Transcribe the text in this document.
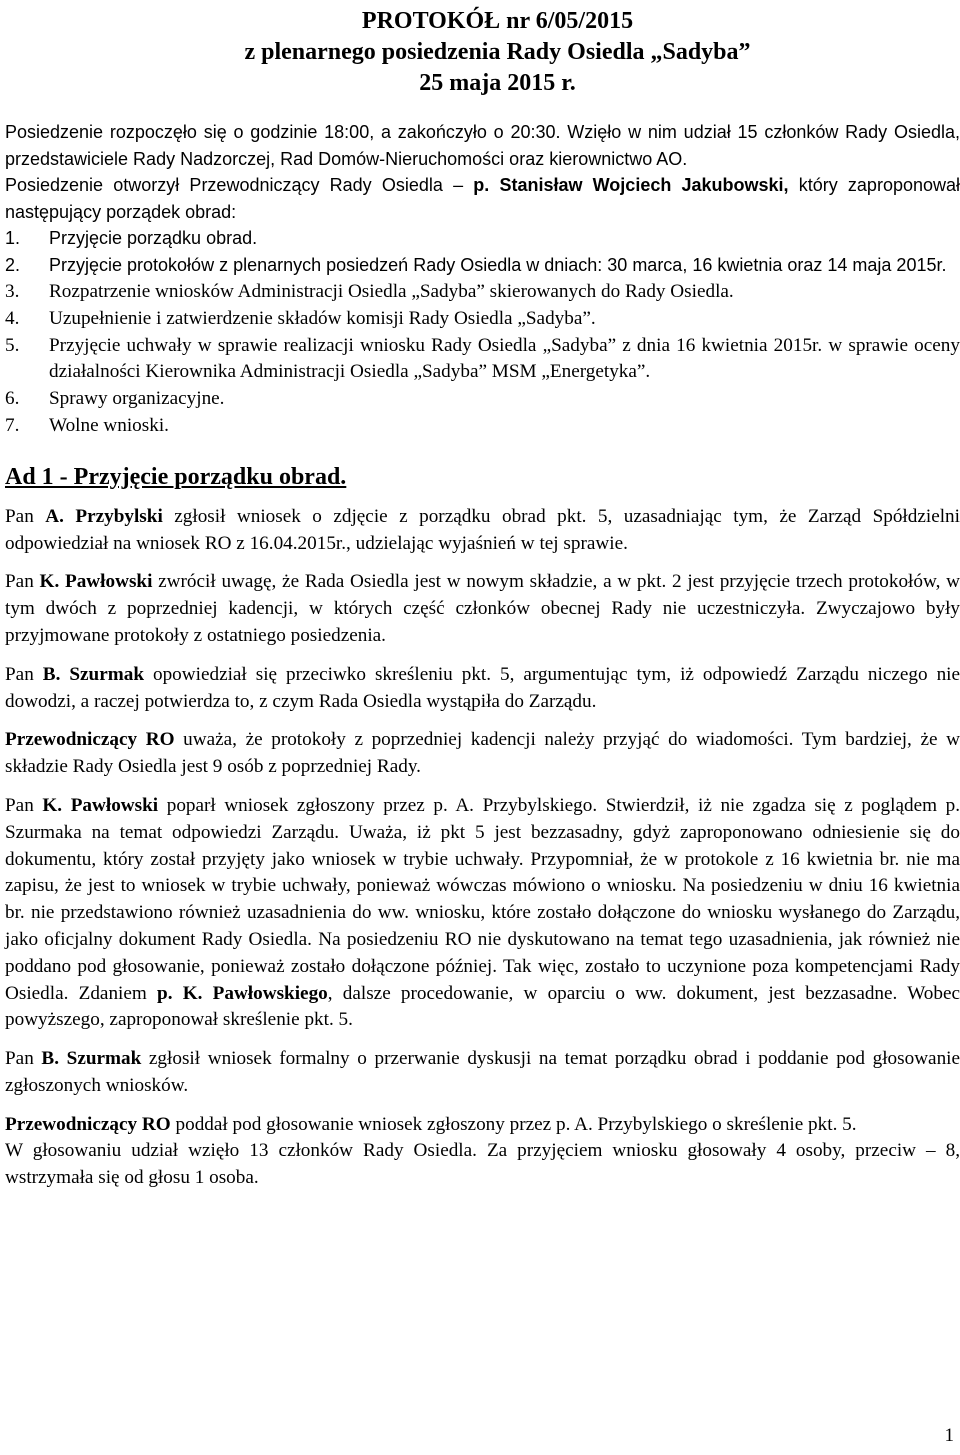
PROTOKÓŁ nr 6/05/2015
z plenarnego posiedzenia Rady Osiedla „Sadyba”
25 maja 2015 r.

Posiedzenie rozpoczęło się o godzinie 18:00, a zakończyło o 20:30. Wzięło w nim udział 15 członków Rady Osiedla, przedstawiciele Rady Nadzorczej, Rad Domów-Nieruchomości oraz kierownictwo AO.

Posiedzenie otworzył Przewodniczący Rady Osiedla – p. Stanisław Wojciech Jakubowski, który zaproponował następujący porządek obrad:

1. Przyjęcie porządku obrad.
2. Przyjęcie protokołów z plenarnych posiedzeń Rady Osiedla w dniach: 30 marca, 16 kwietnia oraz 14 maja 2015r.
3. Rozpatrzenie wniosków Administracji Osiedla „Sadyba” skierowanych do Rady Osiedla.
4. Uzupełnienie i zatwierdzenie składów komisji Rady Osiedla „Sadyba”.
5. Przyjęcie uchwały w sprawie realizacji wniosku Rady Osiedla „Sadyba” z dnia 16 kwietnia 2015r. w sprawie oceny działalności Kierownika Administracji Osiedla „Sadyba” MSM „Energetyka”.
6. Sprawy organizacyjne.
7. Wolne wnioski.
Ad 1 - Przyjęcie porządku obrad.

Pan A. Przybylski zgłosił wniosek o zdjęcie z porządku obrad pkt. 5, uzasadniając tym, że Zarząd Spółdzielni odpowiedział na wniosek RO z 16.04.2015r., udzielając wyjaśnień w tej sprawie.

Pan K. Pawłowski zwrócił uwagę, że Rada Osiedla jest w nowym składzie, a w pkt. 2 jest przyjęcie trzech protokołów, w tym dwóch z poprzedniej kadencji, w których część członków obecnej Rady nie uczestniczyła. Zwyczajowo były przyjmowane protokoły z ostatniego posiedzenia.

Pan B. Szurmak opowiedział się przeciwko skreśleniu pkt. 5, argumentując tym, iż odpowiedź Zarządu niczego nie dowodzi, a raczej potwierdza to, z czym Rada Osiedla wystąpiła do Zarządu.

Przewodniczący RO uważa, że protokoły z poprzedniej kadencji należy przyjąć do wiadomości. Tym bardziej, że w składzie Rady Osiedla jest 9 osób z poprzedniej Rady.

Pan K. Pawłowski poparł wniosek zgłoszony przez p. A. Przybylskiego. Stwierdził, iż nie zgadza się z poglądem p. Szurmaka na temat odpowiedzi Zarządu. Uważa, iż pkt 5 jest bezzasadny, gdyż zaproponowano odniesienie się do dokumentu, który został przyjęty jako wniosek w trybie uchwały. Przypomniał, że w protokole z 16 kwietnia br. nie ma zapisu, że jest to wniosek w trybie uchwały, ponieważ wówczas mówiono o wniosku. Na posiedzeniu w dniu 16 kwietnia br. nie przedstawiono również uzasadnienia do ww. wniosku, które zostało dołączone do wniosku wysłanego do Zarządu, jako oficjalny dokument Rady Osiedla. Na posiedzeniu RO nie dyskutowano na temat tego uzasadnienia, jak również nie poddano pod głosowanie, ponieważ zostało dołączone później. Tak więc, zostało to uczynione poza kompetencjami Rady Osiedla. Zdaniem p. K. Pawłowskiego, dalsze procedowanie, w oparciu o ww. dokument, jest bezzasadne. Wobec powyższego, zaproponował skreślenie pkt. 5.

Pan B. Szurmak zgłosił wniosek formalny o przerwanie dyskusji na temat porządku obrad i poddanie pod głosowanie zgłoszonych wniosków.

Przewodniczący RO poddał pod głosowanie wniosek zgłoszony przez p. A. Przybylskiego o skreślenie pkt. 5.

W głosowaniu udział wzięło 13 członków Rady Osiedla. Za przyjęciem wniosku głosowały 4 osoby, przeciw – 8, wstrzymała się od głosu 1 osoba.

1
